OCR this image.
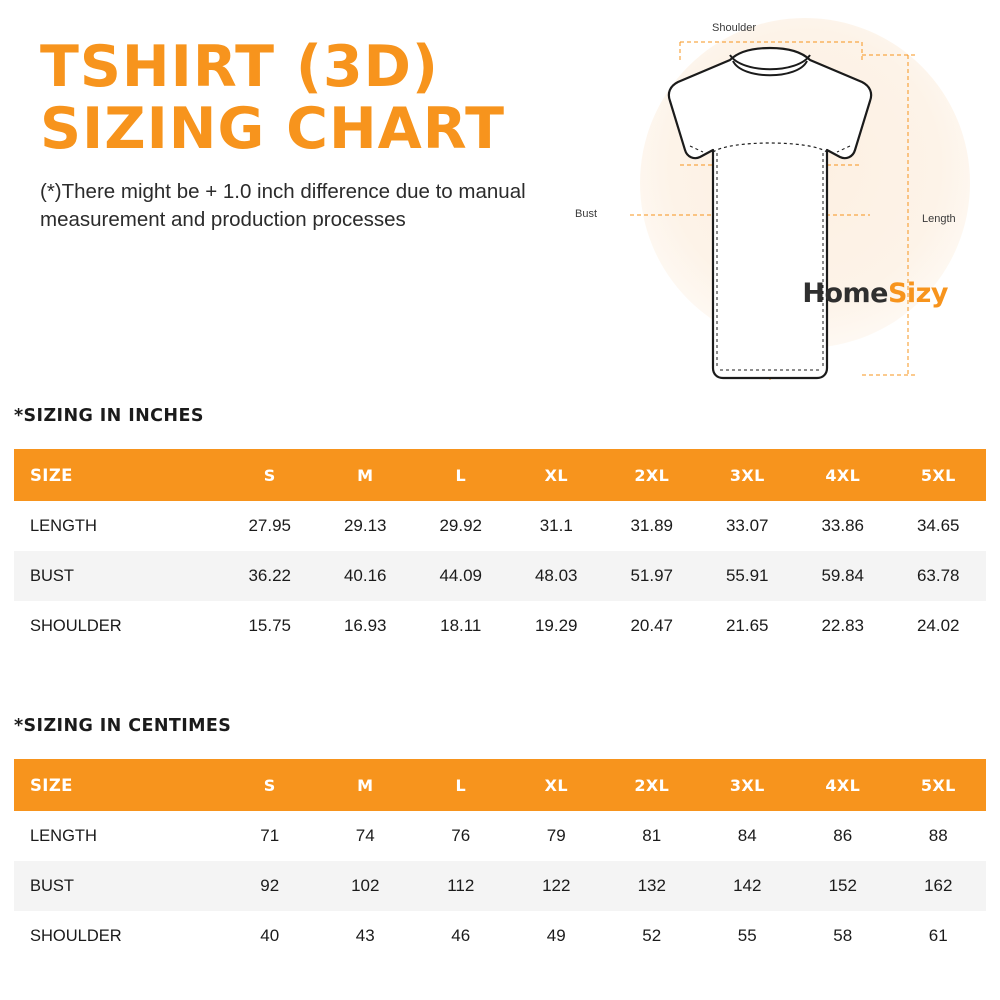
TSHIRT (3D)
SIZING CHART
(*)There might be + 1.0 inch difference due to manual measurement and production processes
Shoulder
Bust	Length
HomeSizy
*SIZING IN INCHES
SIZE	S	M	L	XL	2XL	3XL	4XL	5XL
LENGTH	27.95	29.13	29.92	31.1	31.89	33.07	33.86	34.65
BUST	36.22	40.16	44.09	48.03	51.97	55.91	59.84	63.78
SHOULDER	15.75	16.93	18.11	19.29	20.47	21.65	22.83	24.02
*SIZING IN CENTIMES
SIZE	S	M	L	XL	2XL	3XL	4XL	5XL
LENGTH	71	74	76	79	81	84	86	88
BUST	92	102	112	122	132	142	152	162
SHOULDER	40	43	46	49	52	55	58	61
